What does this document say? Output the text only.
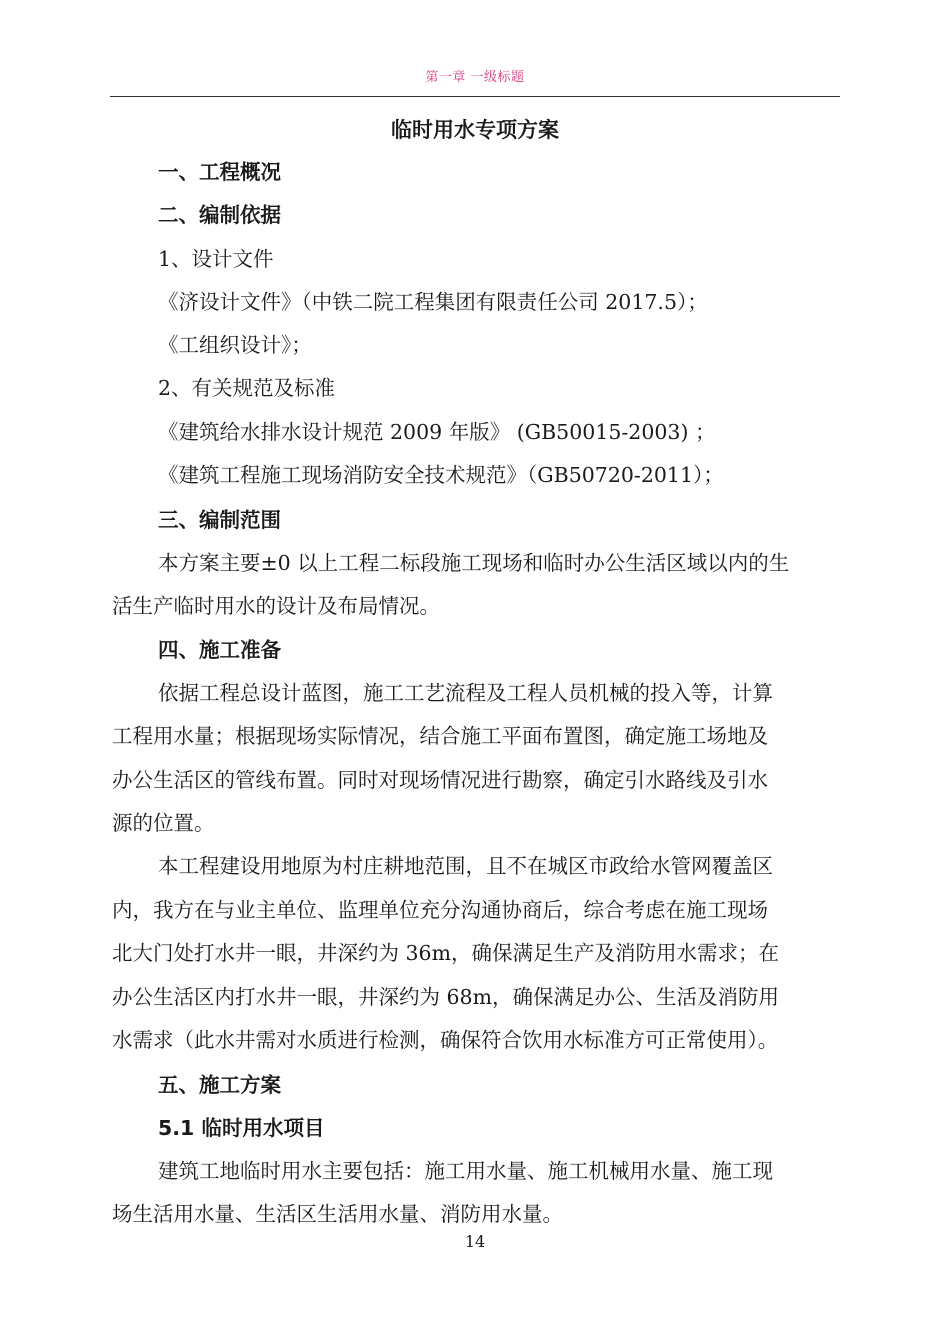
第一章 一级标题
临时用水专项方案
一、工程概况
二、编制依据
1、设计文件
《济设计文件》（中铁二院工程集团有限责任公司 2017.5）；
《工组织设计》；
2、有关规范及标准
《建筑给水排水设计规范 2009 年版》 (GB50015-2003) ；
《建筑工程施工现场消防安全技术规范》（GB50720-2011）；
三、编制范围
本方案主要±0 以上工程二标段施工现场和临时办公生活区域以内的生
活生产临时用水的设计及布局情况。
四、施工准备
依据工程总设计蓝图，施工工艺流程及工程人员机械的投入等，计算
工程用水量；根据现场实际情况，结合施工平面布置图，确定施工场地及
办公生活区的管线布置。同时对现场情况进行勘察，确定引水路线及引水
源的位置。
本工程建设用地原为村庄耕地范围，且不在城区市政给水管网覆盖区
内，我方在与业主单位、监理单位充分沟通协商后，综合考虑在施工现场
北大门处打水井一眼，井深约为 36m，确保满足生产及消防用水需求；在
办公生活区内打水井一眼，井深约为 68m，确保满足办公、生活及消防用
水需求（此水井需对水质进行检测，确保符合饮用水标准方可正常使用）。
五、施工方案
5.1 临时用水项目
建筑工地临时用水主要包括：施工用水量、施工机械用水量、施工现
场生活用水量、生活区生活用水量、消防用水量。
14
